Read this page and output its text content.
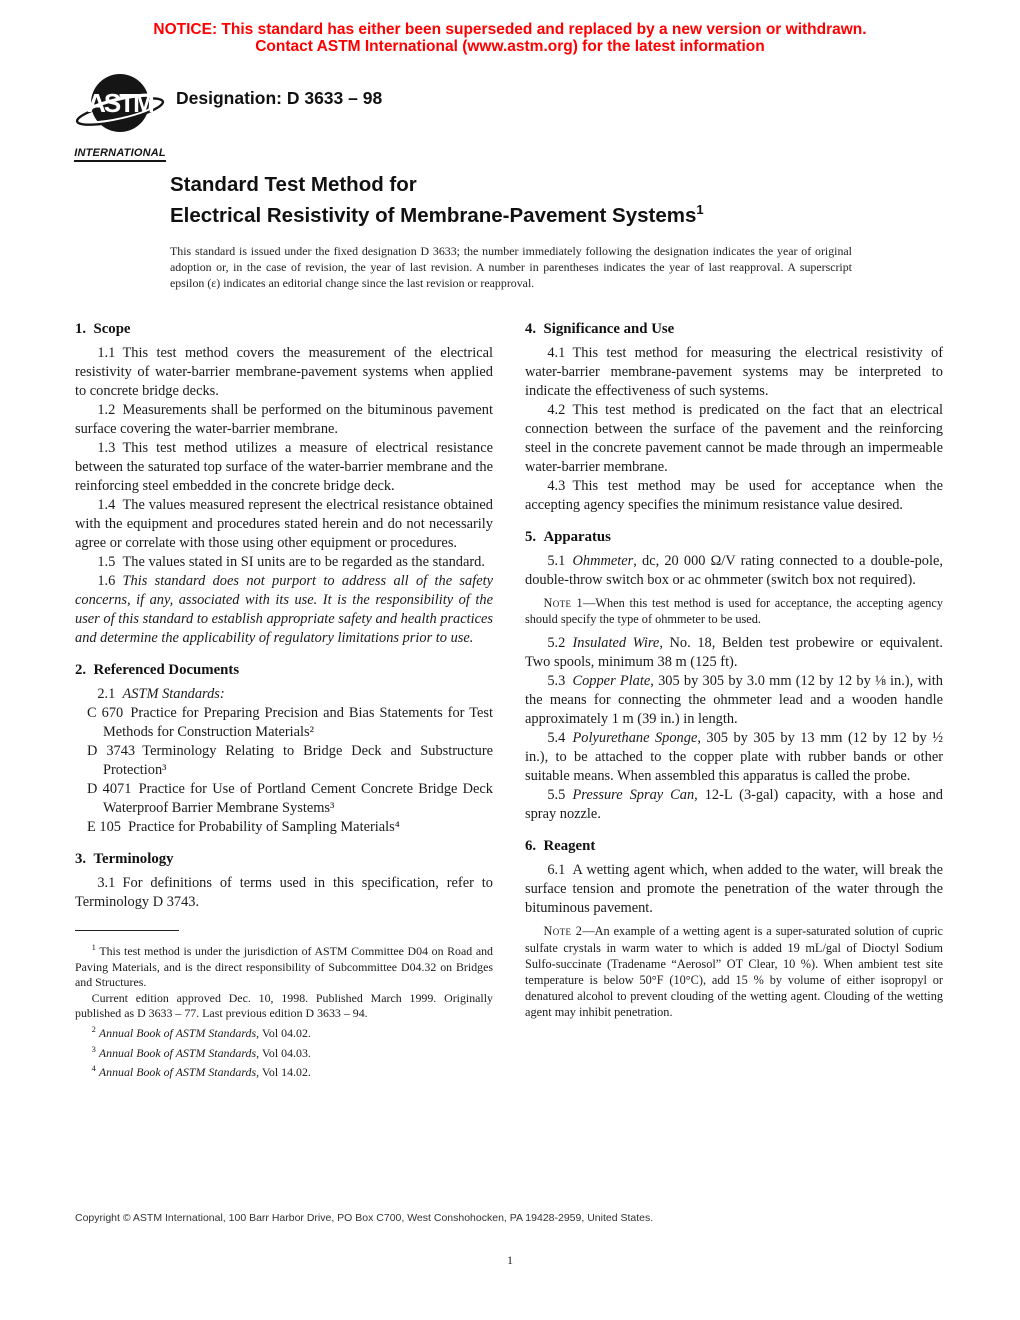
NOTICE: This standard has either been superseded and replaced by a new version or withdrawn.
Contact ASTM International (www.astm.org) for the latest information
ASTM
INTERNATIONAL
Designation: D 3633 – 98
Standard Test Method for
Electrical Resistivity of Membrane-Pavement Systems$^1$

This standard is issued under the fixed designation D 3633; the number immediately following the designation indicates the year of original adoption or, in the case of revision, the year of last revision. A number in parentheses indicates the year of last reapproval. A superscript epsilon (ε) indicates an editorial change since the last revision or reapproval.

1. Scope

1.1 This test method covers the measurement of the electrical resistivity of water-barrier membrane-pavement systems when applied to concrete bridge decks.

1.2 Measurements shall be performed on the bituminous pavement surface covering the water-barrier membrane.

1.3 This test method utilizes a measure of electrical resistance between the saturated top surface of the water-barrier membrane and the reinforcing steel embedded in the concrete bridge deck.

1.4 The values measured represent the electrical resistance obtained with the equipment and procedures stated herein and do not necessarily agree or correlate with those using other equipment or procedures.

1.5 The values stated in SI units are to be regarded as the standard.

1.6 This standard does not purport to address all of the safety concerns, if any, associated with its use. It is the responsibility of the user of this standard to establish appropriate safety and health practices and determine the applicability of regulatory limitations prior to use.

2. Referenced Documents

2.1 ASTM Standards:

C 670 Practice for Preparing Precision and Bias Statements for Test Methods for Construction Materials²

D 3743 Terminology Relating to Bridge Deck and Substructure Protection³

D 4071 Practice for Use of Portland Cement Concrete Bridge Deck Waterproof Barrier Membrane Systems³

E 105 Practice for Probability of Sampling Materials⁴

3. Terminology

3.1 For definitions of terms used in this specification, refer to Terminology D 3743.

$^1$ This test method is under the jurisdiction of ASTM Committee D04 on Road and Paving Materials, and is the direct responsibility of Subcommittee D04.32 on Bridges and Structures.

Current edition approved Dec. 10, 1998. Published March 1999. Originally published as D 3633 – 77. Last previous edition D 3633 – 94.

$^2$ Annual Book of ASTM Standards, Vol 04.02.

$^3$ Annual Book of ASTM Standards, Vol 04.03.

$^4$ Annual Book of ASTM Standards, Vol 14.02.

4. Significance and Use

4.1 This test method for measuring the electrical resistivity of water-barrier membrane-pavement systems may be interpreted to indicate the effectiveness of such systems.

4.2 This test method is predicated on the fact that an electrical connection between the surface of the pavement and the reinforcing steel in the concrete pavement cannot be made through an impermeable water-barrier membrane.

4.3 This test method may be used for acceptance when the accepting agency specifies the minimum resistance value desired.

5. Apparatus

5.1 Ohmmeter, dc, 20 000 Ω/V rating connected to a double-pole, double-throw switch box or ac ohmmeter (switch box not required).

Note 1—When this test method is used for acceptance, the accepting agency should specify the type of ohmmeter to be used.

5.2 Insulated Wire, No. 18, Belden test probewire or equivalent. Two spools, minimum 38 m (125 ft).

5.3 Copper Plate, 305 by 305 by 3.0 mm (12 by 12 by ⅛ in.), with the means for connecting the ohmmeter lead and a wooden handle approximately 1 m (39 in.) in length.

5.4 Polyurethane Sponge, 305 by 305 by 13 mm (12 by 12 by ½ in.), to be attached to the copper plate with rubber bands or other suitable means. When assembled this apparatus is called the probe.

5.5 Pressure Spray Can, 12-L (3-gal) capacity, with a hose and spray nozzle.

6. Reagent

6.1 A wetting agent which, when added to the water, will break the surface tension and promote the penetration of the water through the bituminous pavement.

Note 2—An example of a wetting agent is a super-saturated solution of cupric sulfate crystals in warm water to which is added 19 mL/gal of Dioctyl Sodium Sulfo-succinate (Tradename “Aerosol” OT Clear, 10 %). When ambient test site temperature is below 50°F (10°C), add 15 % by volume of either isopropyl or denatured alcohol to prevent clouding of the wetting agent. Clouding of the wetting agent may inhibit penetration.

Copyright © ASTM International, 100 Barr Harbor Drive, PO Box C700, West Conshohocken, PA 19428-2959, United States.
1
